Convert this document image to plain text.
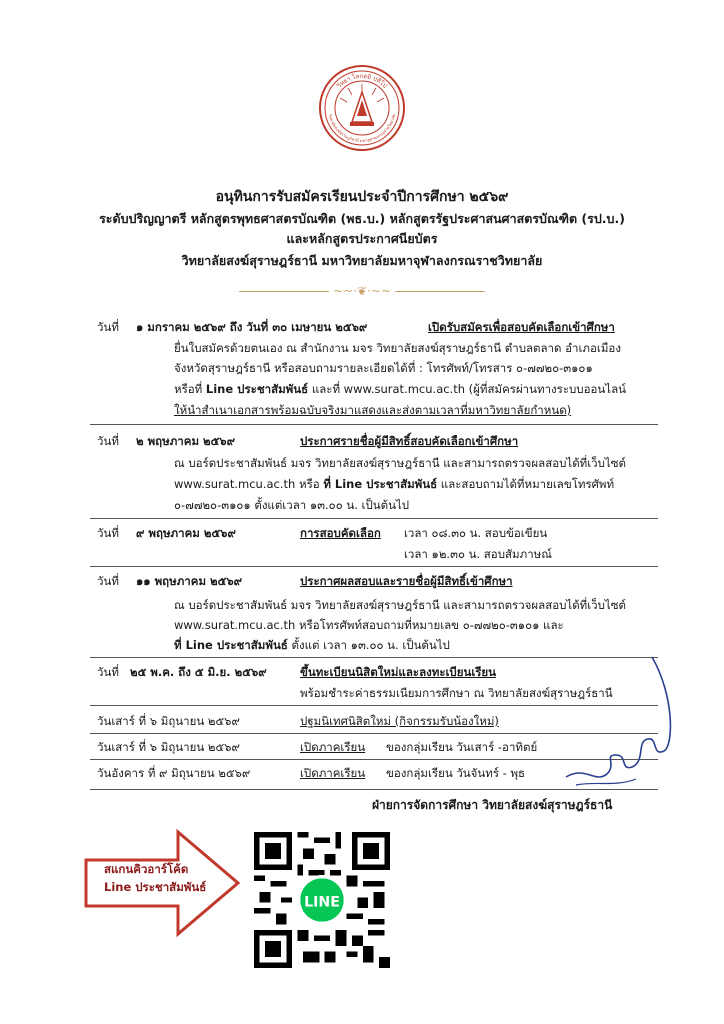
วิทยา โลกสมิ ปทีโป
วิทยาลัยสงฆ์สุราษฎร์ธานี มหาจุฬาลงกรณราชวิทยาลัย
อนุทินการรับสมัครเรียนประจำปีการศึกษา ๒๕๖๙
ระดับปริญญาตรี หลักสูตรพุทธศาสตรบัณฑิต (พธ.บ.) หลักสูตรรัฐประศาสนศาสตรบัณฑิต (รป.บ.)
และหลักสูตรประกาศนียบัตร
วิทยาลัยสงฆ์สุราษฎร์ธานี มหาวิทยาลัยมหาจุฬาลงกรณราชวิทยาลัย
~~·❦·~~
วันที่ ๑ มกราคม ๒๕๖๙ ถึง วันที่ ๓๐ เมษายน ๒๕๖๙	เปิดรับสมัครเพื่อสอบคัดเลือกเข้าศึกษา
ยื่นใบสมัครด้วยตนเอง ณ สำนักงาน มจร วิทยาลัยสงฆ์สุราษฎร์ธานี ตำบลตลาด อำเภอเมือง
จังหวัดสุราษฎร์ธานี หรือสอบถามรายละเอียดได้ที่ : โทรศัพท์/โทรสาร ๐-๗๗๒๐-๓๑๐๑
หรือที่ Line ประชาสัมพันธ์ และที่ www.surat.mcu.ac.th (ผู้ที่สมัครผ่านทางระบบออนไลน์
ให้นำสำเนาเอกสารพร้อมฉบับจริงมาแสดงและส่งตามเวลาที่มหาวิทยาลัยกำหนด)
วันที่ ๒ พฤษภาคม ๒๕๖๙	ประกาศรายชื่อผู้มีสิทธิ์สอบคัดเลือกเข้าศึกษา
ณ บอร์ดประชาสัมพันธ์ มจร วิทยาลัยสงฆ์สุราษฎร์ธานี และสามารถตรวจผลสอบได้ที่เว็บไซต์
www.surat.mcu.ac.th หรือ ที่ Line ประชาสัมพันธ์ และสอบถามได้ที่หมายเลขโทรศัพท์
๐-๗๗๒๐-๓๑๐๑ ตั้งแต่เวลา ๑๓.๐๐ น. เป็นต้นไป
วันที่ ๙ พฤษภาคม ๒๕๖๙	การสอบคัดเลือก เวลา ๐๘.๓๐ น. สอบข้อเขียน
เวลา ๑๒.๓๐ น. สอบสัมภาษณ์
วันที่ ๑๑ พฤษภาคม ๒๕๖๙	ประกาศผลสอบและรายชื่อผู้มีสิทธิ์เข้าศึกษา
ณ บอร์ดประชาสัมพันธ์ มจร วิทยาลัยสงฆ์สุราษฎร์ธานี และสามารถตรวจผลสอบได้ที่เว็บไซต์
www.surat.mcu.ac.th หรือโทรศัพท์สอบถามที่หมายเลข ๐-๗๗๒๐-๓๑๐๑ และ
ที่ Line ประชาสัมพันธ์ ตั้งแต่ เวลา ๑๓.๐๐ น. เป็นต้นไป
วันที่ ๒๕ พ.ค. ถึง ๕ มิ.ย. ๒๕๖๙	ขึ้นทะเบียนนิสิตใหม่และลงทะเบียนเรียน
พร้อมชำระค่าธรรมเนียมการศึกษา ณ วิทยาลัยสงฆ์สุราษฎร์ธานี
วันเสาร์ ที่ ๖ มิถุนายน ๒๕๖๙	ปฐมนิเทศนิสิตใหม่ (กิจกรรมรับน้องใหม่)
วันเสาร์ ที่ ๖ มิถุนายน ๒๕๖๙	เปิดภาคเรียน ของกลุ่มเรียน วันเสาร์ -อาทิตย์
วันอังคาร ที่ ๙ มิถุนายน ๒๕๖๙	เปิดภาคเรียน ของกลุ่มเรียน วันจันทร์ - พุธ
ฝ่ายการจัดการศึกษา วิทยาลัยสงฆ์สุราษฎร์ธานี
สแกนคิวอาร์โค้ด
Line ประชาสัมพันธ์
LINE
